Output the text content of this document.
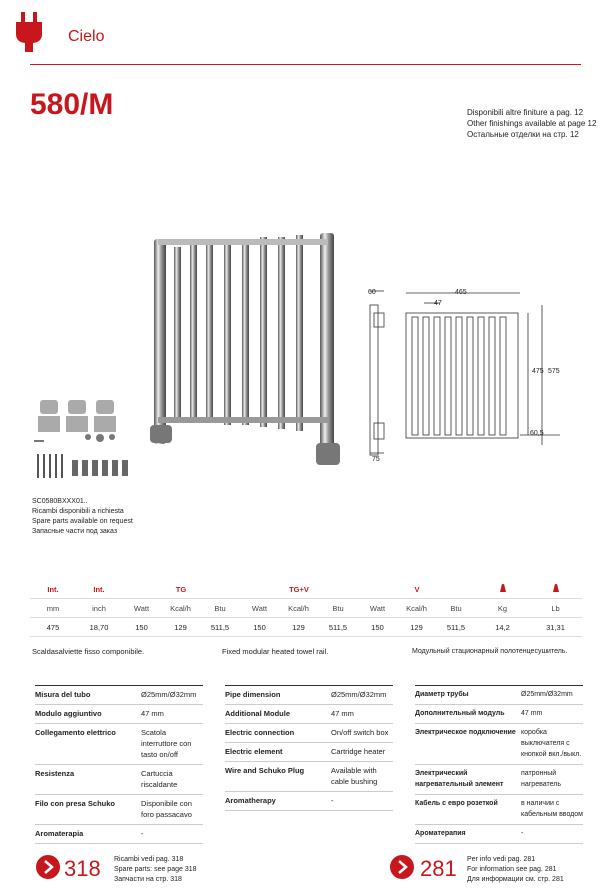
Cielo
580/M	Disponibili altre finiture a pag. 12
Other finishings available at page 12
Остальные отделки на стр. 12
60	465
47
475 575
60,5
75
SC0580BXXX01..
Ricambi disponibili a richiesta
Spare parts available on request
Запасные части под заказ
Int.	Int.	TG			TG+V			V		
mm	inch	Watt	Kcal/h	Btu	Watt	Kcal/h	Btu	Watt	Kcal/h	Btu	Kg	Lb
475	18,70	150	129	511,5	150	129	511,5	150	129	511,5	14,2	31,31
Scaldasalviette fisso componibile.	Fixed modular heated towel rail.	Модульный стационарный полотенцесушитель.
Misura del tubo	Ø25mm/Ø32mm
Modulo aggiuntivo	47 mm
Collegamento elettrico	Scatola interruttore con tasto on/off
Resistenza	Cartuccia riscaldante
Filo con presa Schuko	Disponibile con foro passacavo
Aromaterapia	-
Pipe dimension	Ø25mm/Ø32mm
Additional Module	47 mm
Electric connection	On/off switch box
Electric element	Cartridge heater
Wire and Schuko Plug	Available with cable bushing
Aromatherapy	-
Диаметр трубы	Ø25mm/Ø32mm
Дополнительный модуль	47 mm
Электрическое подключение	коробка выключателя с кнопкой вкл./выкл.
Электрический нагревательный элемент	патронный нагреватель
Кабель с евро розеткой	в наличии с кабельным вводом
Ароматерапия	-
318 Ricambi vedi pag. 318
Spare parts: see page 318
Запчасти на стр. 318	281 Per info vedi pag. 281
For information see pag. 281
Для информации см. стр. 281
